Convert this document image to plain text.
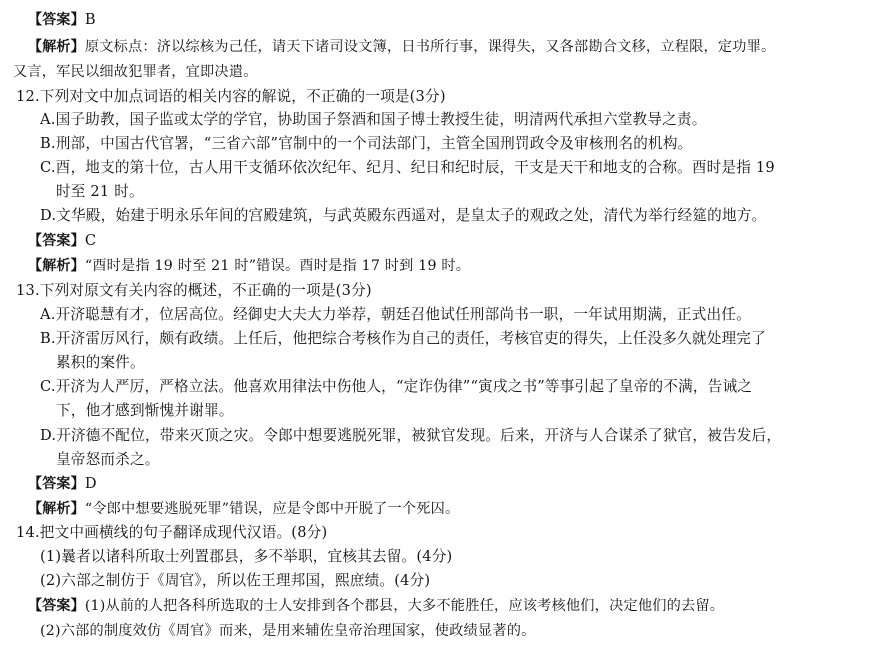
【答案】B
【解析】原文标点：济以综核为己任，请天下诸司设文簿，日书所行事，课得失，又各部勘合文移，立程限，定功罪。
又言，军民以细故犯罪者，宜即决遣。
12.下列对文中加点词语的相关内容的解说，不正确的一项是(3分)
A.国子助教，国子监或太学的学官，协助国子祭酒和国子博士教授生徒，明清两代承担六堂教导之责。
B.刑部，中国古代官署，“三省六部”官制中的一个司法部门，主管全国刑罚政令及审核刑名的机构。
C.酉，地支的第十位，古人用干支循环依次纪年、纪月、纪日和纪时辰，干支是天干和地支的合称。酉时是指 19
时至 21 时。
D.文华殿，始建于明永乐年间的宫殿建筑，与武英殿东西遥对，是皇太子的观政之处，清代为举行经筵的地方。
【答案】C
【解析】“酉时是指 19 时至 21 时”错误。酉时是指 17 时到 19 时。
13.下列对原文有关内容的概述，不正确的一项是(3分)
A.开济聪慧有才，位居高位。经御史大夫大力举荐，朝廷召他试任刑部尚书一职，一年试用期满，正式出任。
B.开济雷厉风行，颇有政绩。上任后，他把综合考核作为自己的责任，考核官吏的得失，上任没多久就处理完了
累积的案件。
C.开济为人严厉，严格立法。他喜欢用律法中伤他人，“定诈伪律”“寅戌之书”等事引起了皇帝的不满，告诫之
下，他才感到惭愧并谢罪。
D.开济德不配位，带来灭顶之灾。令郎中想要逃脱死罪，被狱官发现。后来，开济与人合谋杀了狱官，被告发后，
皇帝怒而杀之。
【答案】D
【解析】“令郎中想要逃脱死罪”错误，应是令郎中开脱了一个死囚。
14.把文中画横线的句子翻译成现代汉语。(8分)
(1)曩者以诸科所取士列置郡县，多不举职，宜核其去留。(4分)
(2)六部之制仿于《周官》，所以佐王理邦国，熙庶绩。(4分)
【答案】(1)从前的人把各科所选取的士人安排到各个郡县，大多不能胜任，应该考核他们，决定他们的去留。
(2)六部的制度效仿《周官》而来，是用来辅佐皇帝治理国家，使政绩显著的。
